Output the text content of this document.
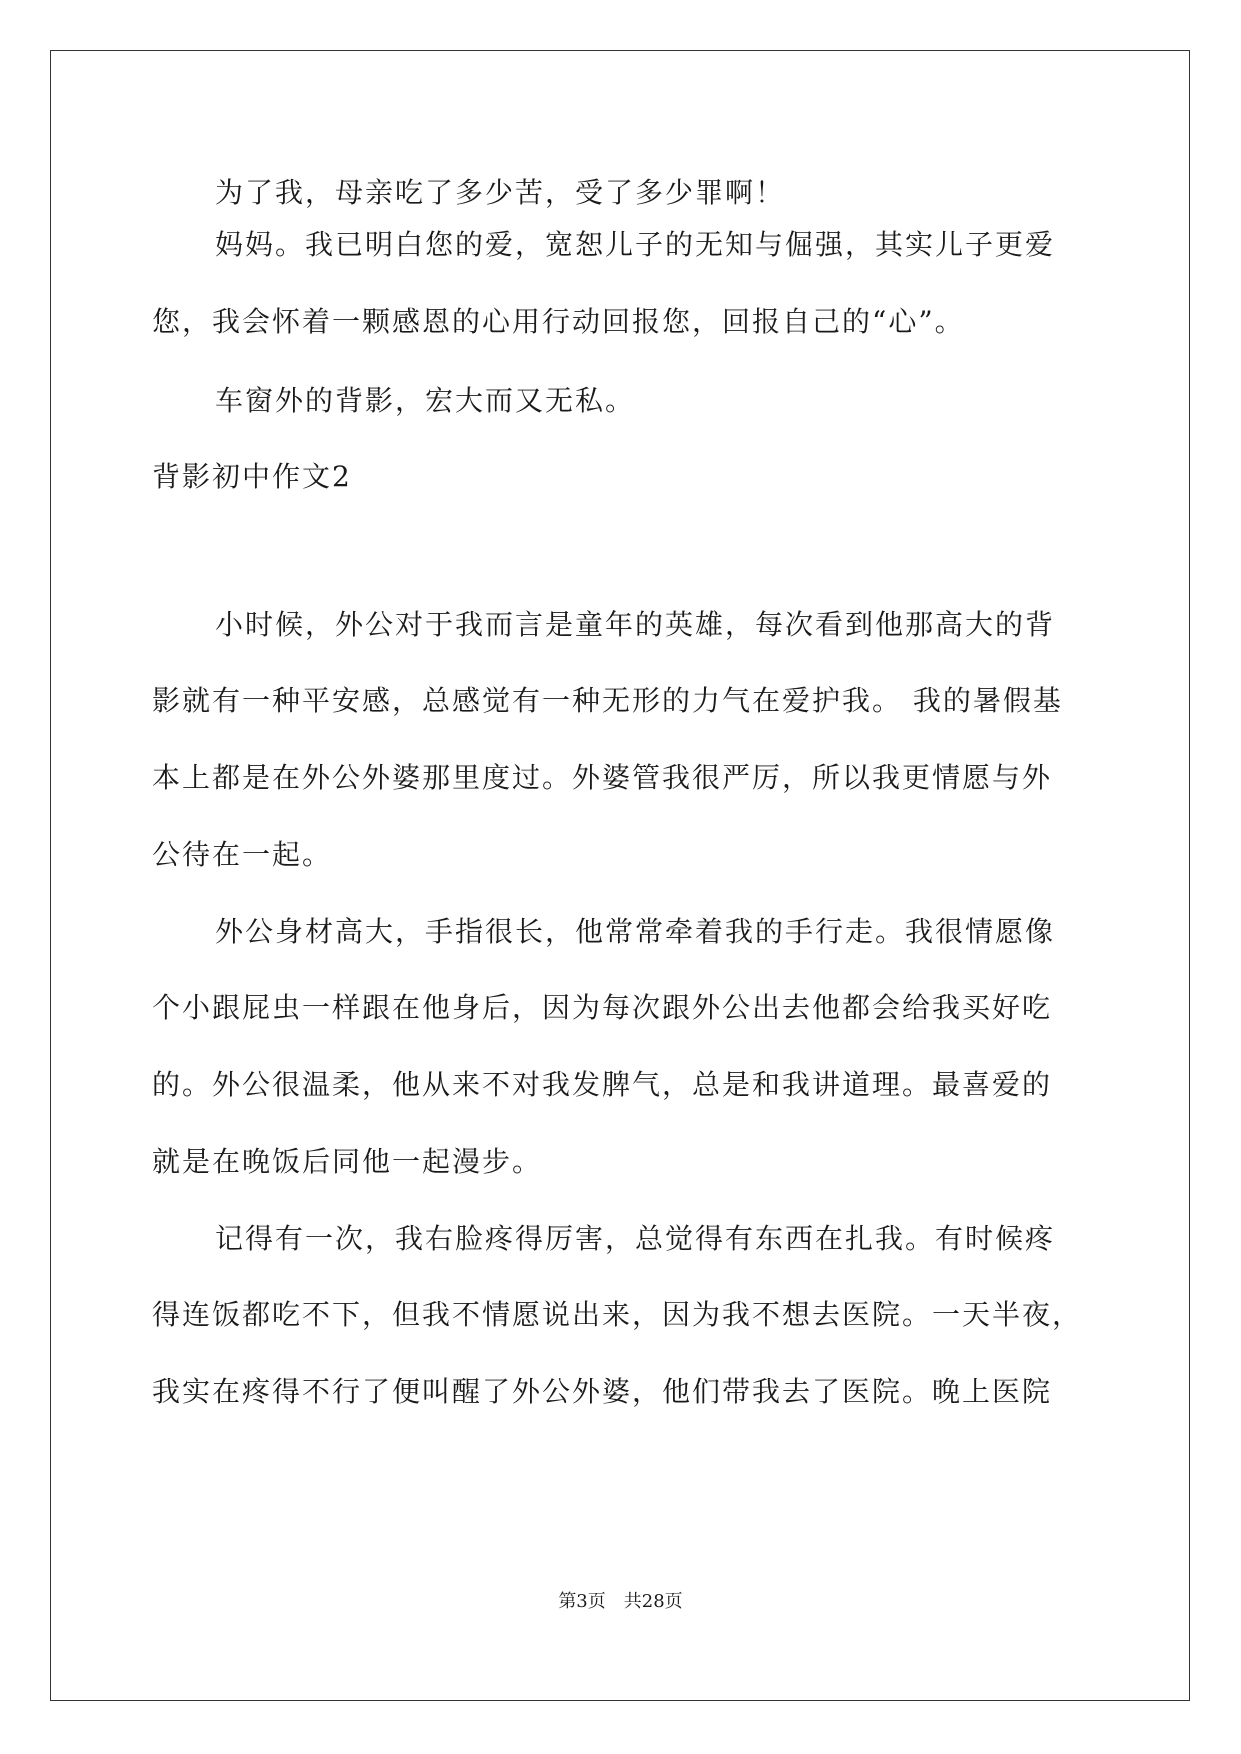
为了我，母亲吃了多少苦，受了多少罪啊！
妈妈。我已明白您的爱，宽恕儿子的无知与倔强，其实儿子更爱
您，我会怀着一颗感恩的心用行动回报您，回报自己的“心”。
车窗外的背影，宏大而又无私。
背影初中作文2
小时候，外公对于我而言是童年的英雄，每次看到他那高大的背
影就有一种平安感，总感觉有一种无形的力气在爱护我。 我的暑假基
本上都是在外公外婆那里度过。外婆管我很严厉，所以我更情愿与外
公待在一起。
外公身材高大，手指很长，他常常牵着我的手行走。我很情愿像
个小跟屁虫一样跟在他身后，因为每次跟外公出去他都会给我买好吃
的。外公很温柔，他从来不对我发脾气，总是和我讲道理。最喜爱的
就是在晚饭后同他一起漫步。
记得有一次，我右脸疼得厉害，总觉得有东西在扎我。有时候疼
得连饭都吃不下，但我不情愿说出来，因为我不想去医院。一天半夜，
我实在疼得不行了便叫醒了外公外婆，他们带我去了医院。晚上医院
第3页 共28页
